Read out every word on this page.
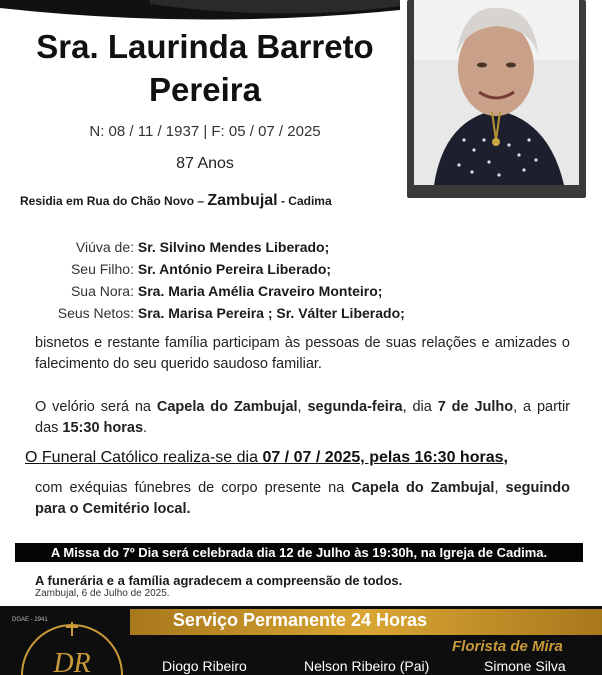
Sra. Laurinda Barreto
Pereira
N: 08 / 11 / 1937 | F: 05 / 07 / 2025
87 Anos
Residia em Rua do Chão Novo – Zambujal - Cadima
Viúva de: Sr. Silvino Mendes Liberado;
Seu Filho: Sr. António Pereira Liberado;
Sua Nora: Sra. Maria Amélia Craveiro Monteiro;
Seus Netos: Sra. Marisa Pereira ; Sr. Válter Liberado;
bisnetos e restante família participam às pessoas de suas relações e amizades o falecimento do seu querido saudoso familiar.
O velório será na Capela do Zambujal, segunda-feira, dia 7 de Julho, a partir das 15:30 horas.
O Funeral Católico realiza-se dia 07 / 07 / 2025, pelas 16:30 horas,
com exéquias fúnebres de corpo presente na Capela do Zambujal, seguindo para o Cemitério local.
A Missa do 7º Dia será celebrada dia 12 de Julho às 19:30h, na Igreja de Cadima.
A funerária e a família agradecem a compreensão de todos.
Zambujal, 6 de Julho de 2025.
Serviço Permanente 24 Horas
DGAE - 2941
DR
Florista de Mira
Diogo Ribeiro	Nelson Ribeiro (Pai)	Simone Silva
